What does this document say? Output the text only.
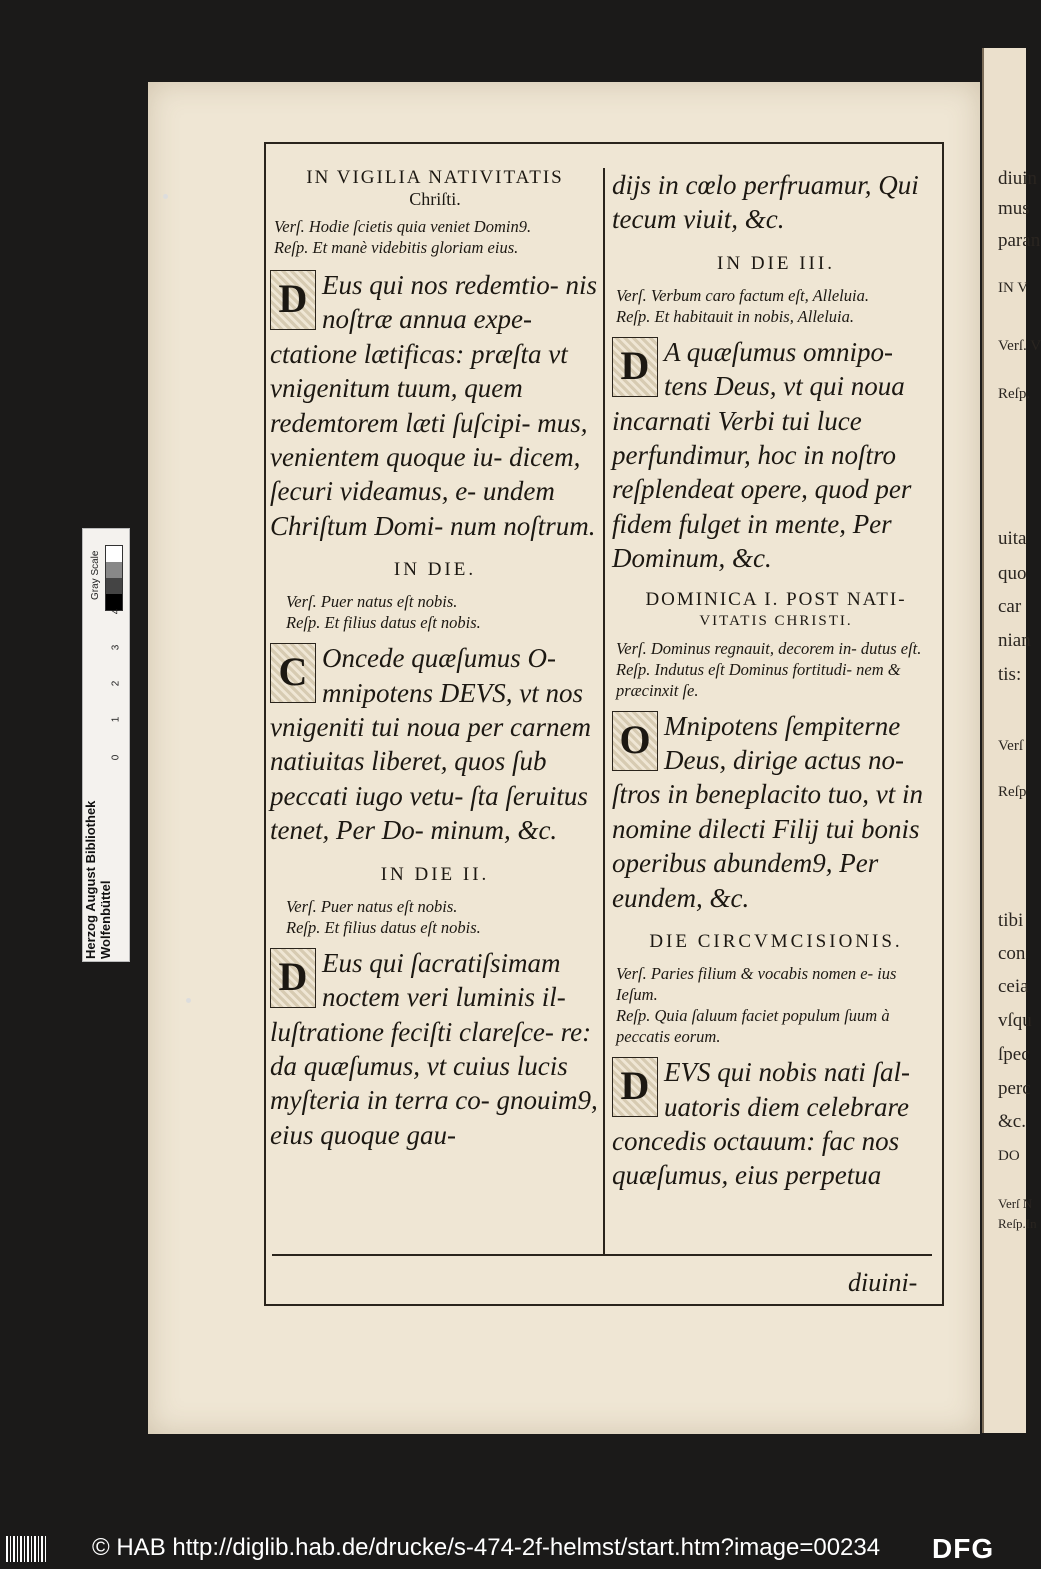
diuin
mus
paran
IN V
Verſ. V
Reſp.
uita
quo
car
nian
tis:
Verſ
Reſp
tibi
con
ceia
vſqu
ſpec
perc
&c.
DO
Verſ N
Reſp.In
Herzog August Bibliothek Wolfenbüttel
Gray Scale
0
1
2
3
4

IN VIGILIA NATIVITATIS

Chriſti.

Verſ. Hodie ſcietis quia veniet Domin9.

Reſp. Et manè videbitis gloriam eius.

D Eus qui nos redemtio- nis noſtræ annua expe- ctatione lætificas: præſta vt vnigenitum tuum, quem redemtorem læti ſuſcipi- mus, venientem quoque iu- dicem, ſecuri videamus, e- undem Chriſtum Domi- num noſtrum.

IN DIE.

Verſ. Puer natus eſt nobis.

Reſp. Et filius datus eſt nobis.

C Oncede quæſumus O- mnipotens DEVS, vt nos vnigeniti tui noua per carnem natiuitas liberet, quos ſub peccati iugo vetu- ſta ſeruitus tenet, Per Do- minum, &c.

IN DIE II.

Verſ. Puer natus eſt nobis.

Reſp. Et filius datus eſt nobis.

D Eus qui ſacratiſsimam noctem veri luminis il- luſtratione feciſti clareſce- re: da quæſumus, vt cuius lucis myſteria in terra co- gnouim9, eius quoque gau-

dijs in cœlo perfruamur, Qui tecum viuit, &c.

IN DIE III.

Verſ. Verbum caro factum eſt, Alleluia.

Reſp. Et habitauit in nobis, Alleluia.

D A quæſumus omnipo- tens Deus, vt qui noua incarnati Verbi tui luce perfundimur, hoc in noſtro reſplendeat opere, quod per fidem fulget in mente, Per Dominum, &c.

DOMINICA I. POST NATI-

VITATIS CHRISTI.

Verſ. Dominus regnauit, decorem in- dutus eſt.

Reſp. Indutus eſt Dominus fortitudi- nem & præcinxit ſe.

O Mnipotens ſempiterne Deus, dirige actus no- ſtros in beneplacito tuo, vt in nomine dilecti Filij tui bonis operibus abundem9, Per eundem, &c.

DIE CIRCVMCISIONIS.

Verſ. Paries filium & vocabis nomen e- ius Ieſum.

Reſp. Quia ſaluum faciet populum ſuum à peccatis eorum.

D EVS qui nobis nati ſal- uatoris diem celebrare concedis octauum: fac nos quæſumus, eius perpetua

diuini-
© HAB http://diglib.hab.de/drucke/s-474-2f-helmst/start.htm?image=00234 DFG
